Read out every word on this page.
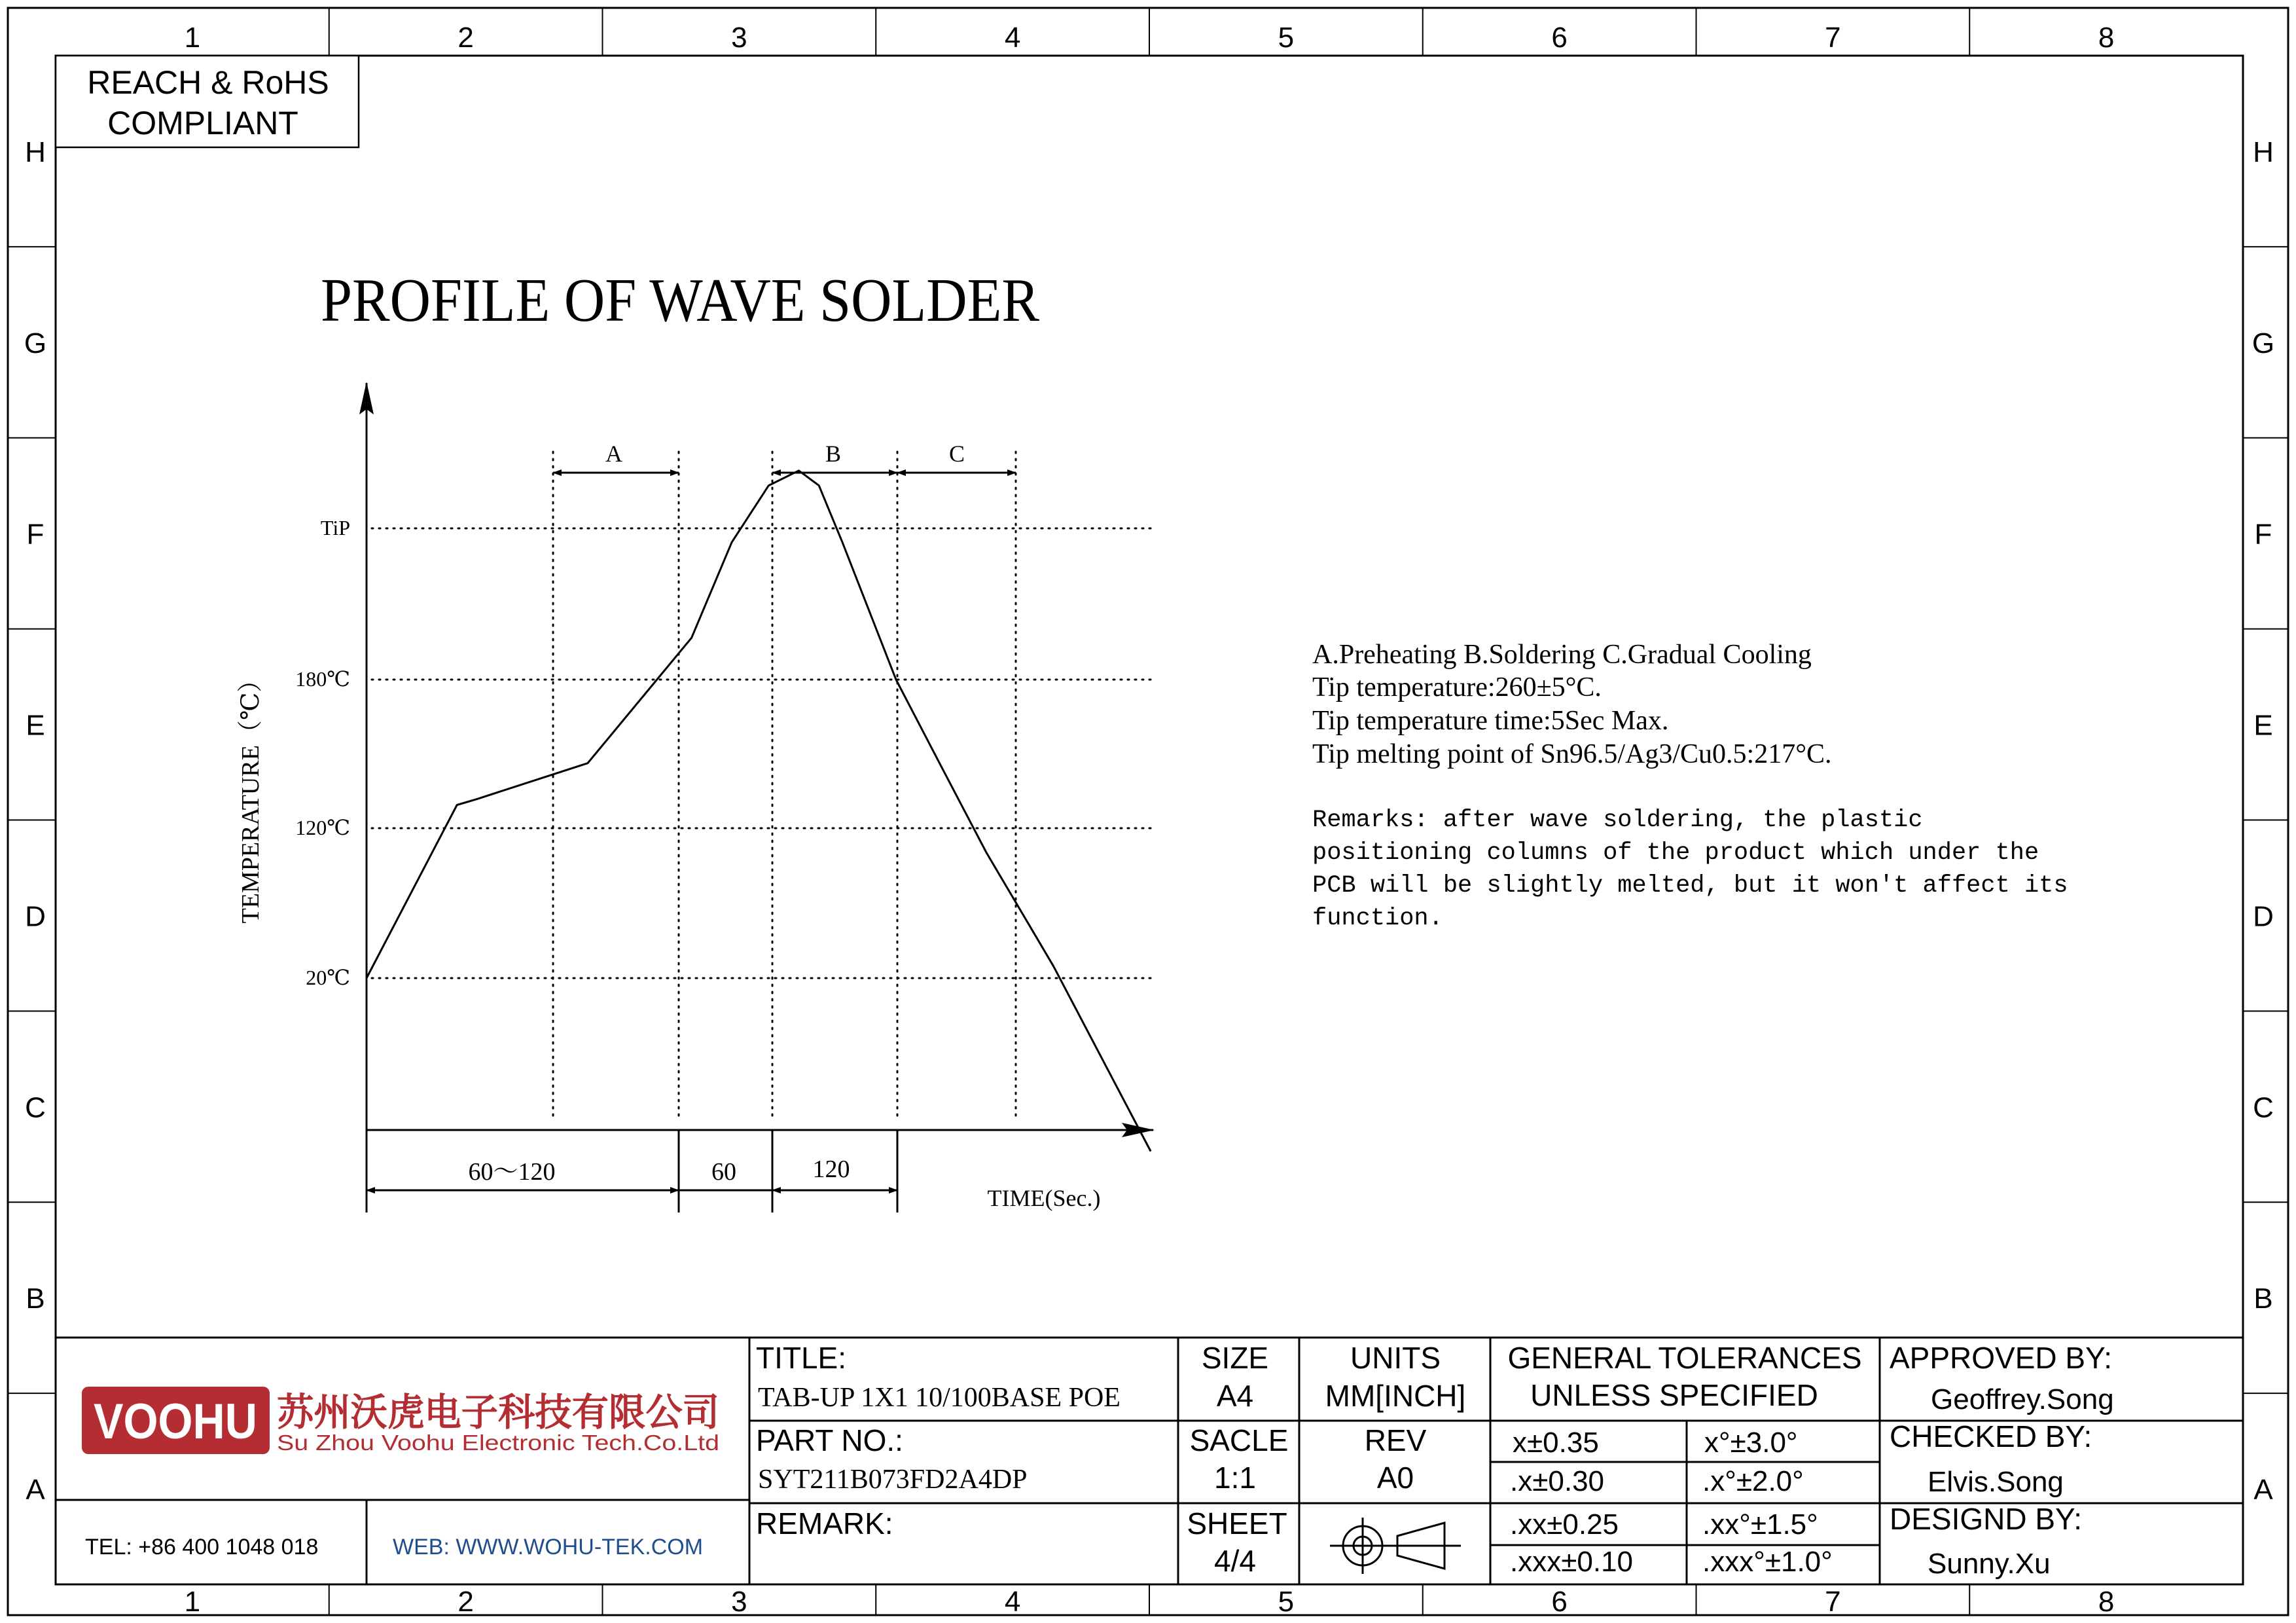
1
1
2
2
3
3
4
4
5
5
6
6
7
7
8
8
H	H
G	G
F	F
E	E
D	D
C	C
B	B
A	A
REACH & RoHS
COMPLIANT
PROFILE OF WAVE SOLDER
TiP
180℃
120℃
20℃
TEMPERATURE（℃）
A	B	C
60～120	60	120
TIME(Sec.)
A.Preheating B.Soldering C.Gradual Cooling
Tip temperature:260±5°C.
Tip temperature time:5Sec Max.
Tip melting point of Sn96.5/Ag3/Cu0.5:217°C.
Remarks: after wave soldering, the plastic
positioning columns of the product which under the
PCB will be slightly melted, but it won't affect its
function.
VOOHU 苏州沃虎电子科技有限公司
Su Zhou Voohu Electronic Tech.Co.Ltd
TEL: +86 400 1048 018	WEB: WWW.WOHU-TEK.COM
TITLE:
TAB-UP 1X1 10/100BASE POE
PART NO.:
SYT211B073FD2A4DP
REMARK:
SIZE
A4
SACLE
1:1
SHEET
4/4
UNITS
MM[INCH]
REV
A0
GENERAL TOLERANCES
UNLESS SPECIFIED
x±0.35	x°±3.0°
.x±0.30	.x°±2.0°
.xx±0.25	.xx°±1.5°
.xxx±0.10 .xxx°±1.0°
APPROVED BY:
Geoffrey.Song
CHECKED BY:
Elvis.Song
DESIGND BY:
Sunny.Xu
